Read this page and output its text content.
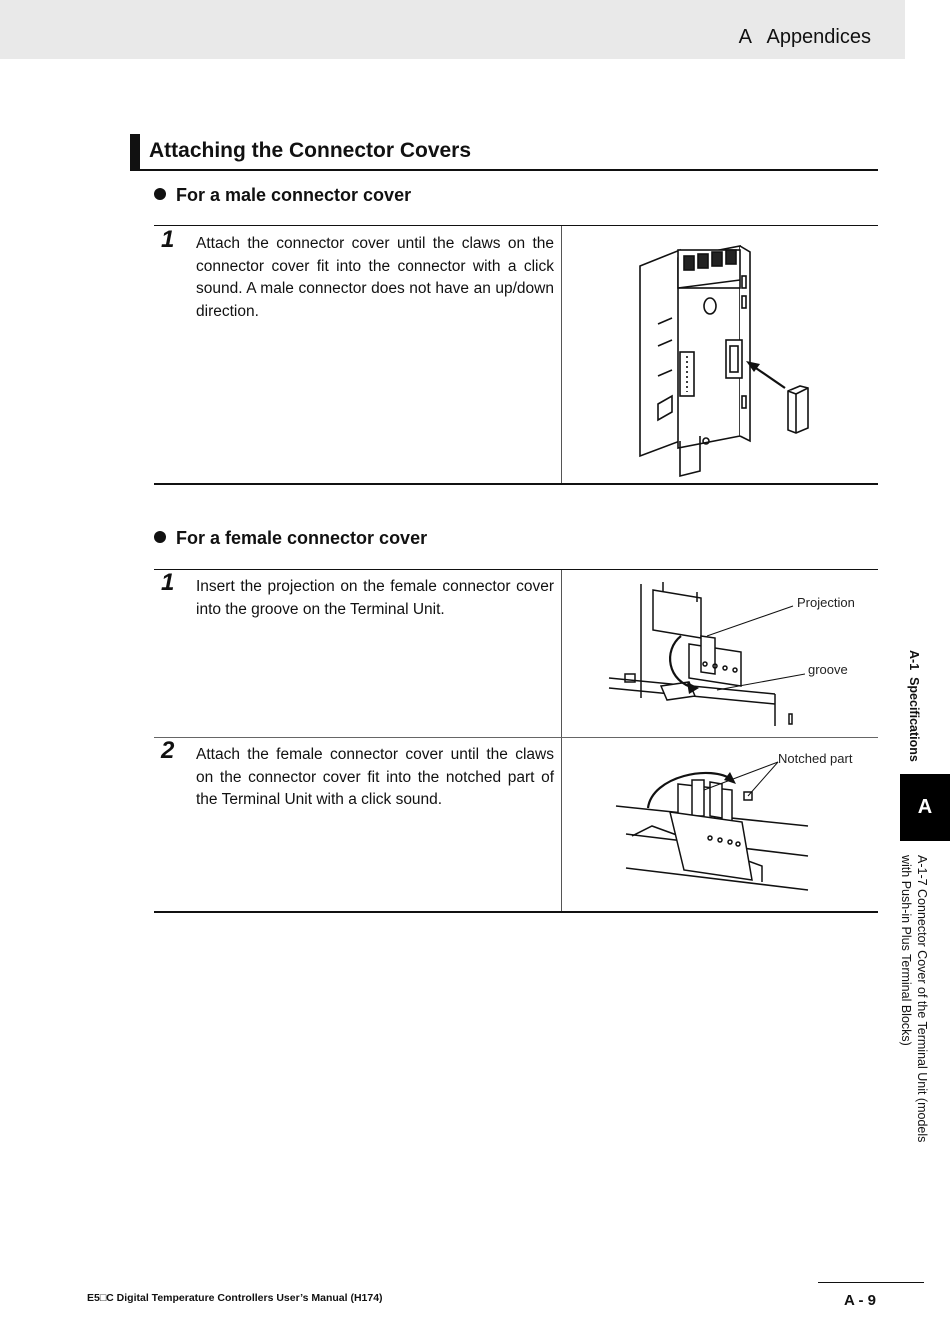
A   Appendices
Attaching the Connector Covers
For a male connector cover
1 Attach the connector cover until the claws on the connector cover fit into the connector with a click sound. A male connector does not have an up/down direction.
For a female connector cover
1 Insert the projection on the female connector cover into the groove on the Terminal Unit.
2 Attach the female connector cover until the claws on the connector cover fit into the notched part of the Terminal Unit with a click sound.
Projection
groove
Notched part	A-1  Specifications
A
A-1-7 Connector Cover of the Terminal Unit (models with Push-in Plus Terminal Blocks)
E5□C Digital Temperature Controllers User’s Manual (H174)	A - 9
